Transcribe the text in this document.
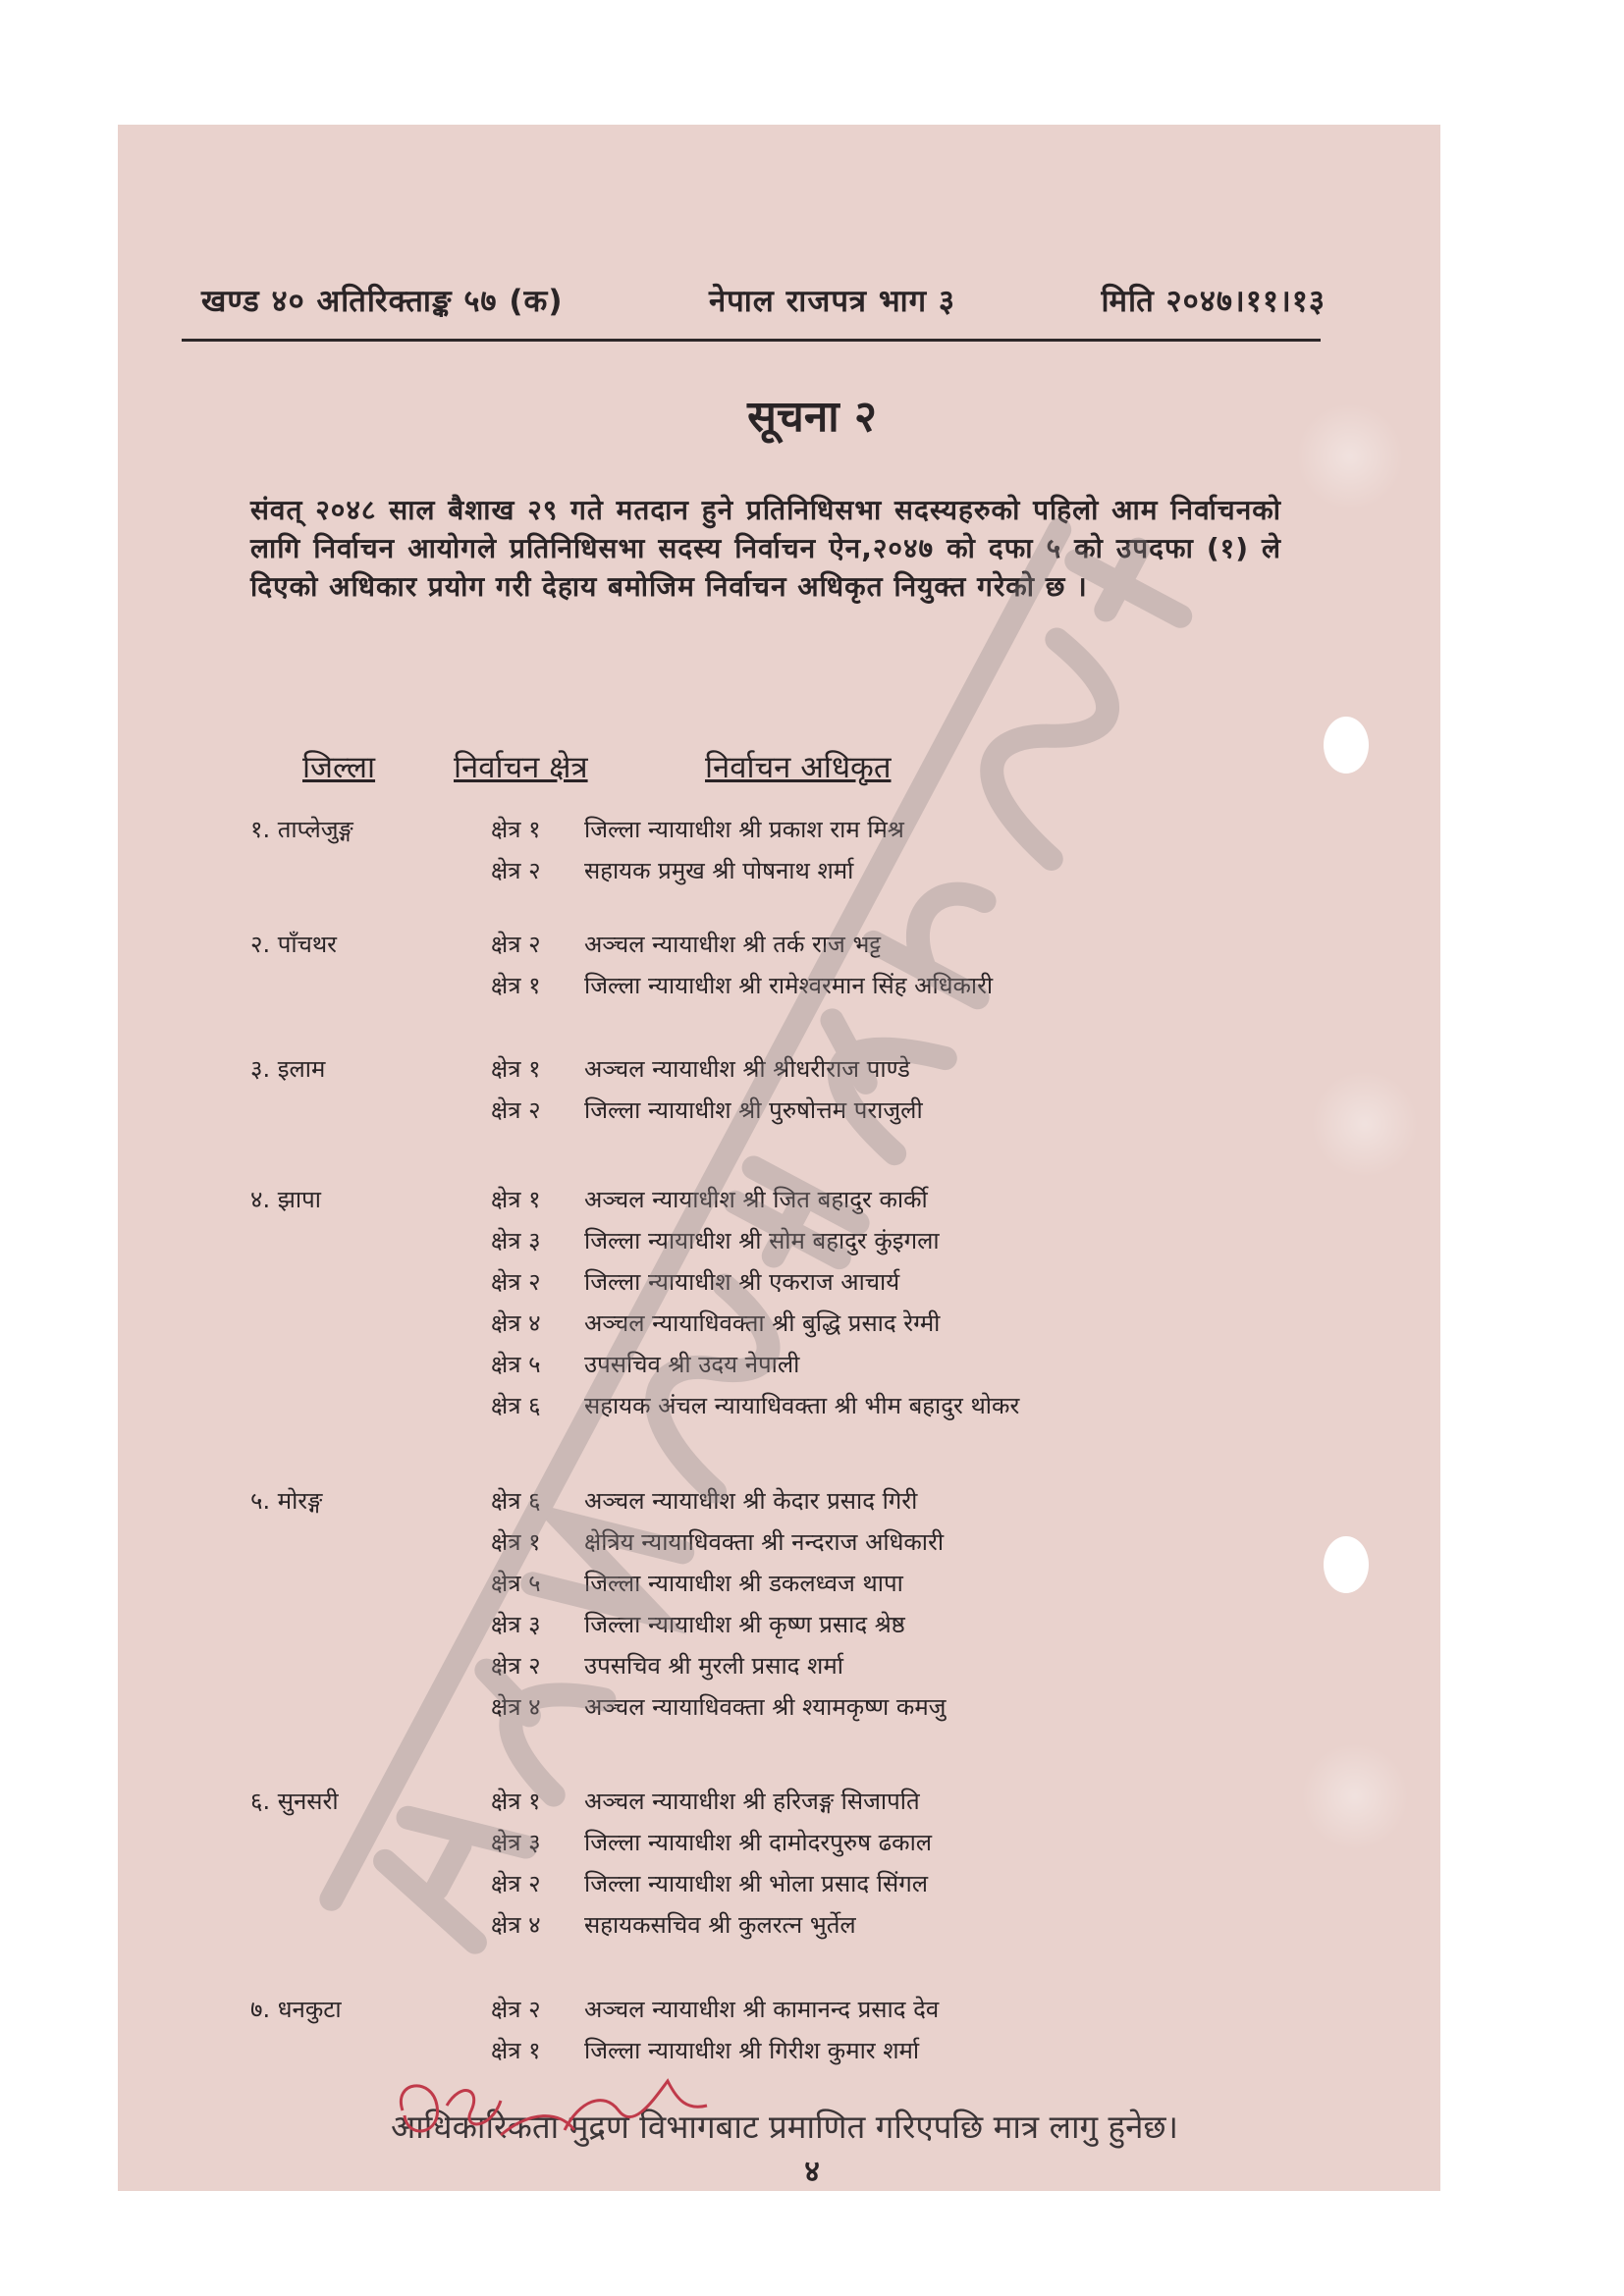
खण्ड ४० अतिरिक्ताङ्क ५७ (क)	नेपाल राजपत्र भाग ३	मिति २०४७।११।१३
सूचना २
संवत् २०४८ साल बैशाख २९ गते मतदान हुने प्रतिनिधिसभा सदस्यहरुको पहिलो आम निर्वाचनको लागि निर्वाचन आयोगले प्रतिनिधिसभा सदस्य निर्वाचन ऐन,२०४७ को दफा ५ को उपदफा (१) ले दिएको अधिकार प्रयोग गरी देहाय बमोजिम निर्वाचन अधिकृत नियुक्त गरेको छ ।
जिल्ला	निर्वाचन क्षेत्र	निर्वाचन अधिकृत
१. ताप्लेजुङ्ग	क्षेत्र १ जिल्ला न्यायाधीश श्री प्रकाश राम मिश्र
क्षेत्र २ सहायक प्रमुख श्री पोषनाथ शर्मा
२. पाँचथर	क्षेत्र २ अञ्चल न्यायाधीश श्री तर्क राज भट्ट
क्षेत्र १ जिल्ला न्यायाधीश श्री रामेश्वरमान सिंह अधिकारी
३. इलाम	क्षेत्र १ अञ्चल न्यायाधीश श्री श्रीधरीराज पाण्डे
क्षेत्र २ जिल्ला न्यायाधीश श्री पुरुषोत्तम पराजुली
४. झापा	क्षेत्र १ अञ्चल न्यायाधीश श्री जित बहादुर कार्की
क्षेत्र ३ जिल्ला न्यायाधीश श्री सोम बहादुर कुंइगला
क्षेत्र २ जिल्ला न्यायाधीश श्री एकराज आचार्य
क्षेत्र ४ अञ्चल न्यायाधिवक्ता श्री बुद्धि प्रसाद रेग्मी
क्षेत्र ५ उपसचिव श्री उदय नेपाली
क्षेत्र ६ सहायक अंचल न्यायाधिवक्ता श्री भीम बहादुर थोकर
५. मोरङ्ग	क्षेत्र ६ अञ्चल न्यायाधीश श्री केदार प्रसाद गिरी
क्षेत्र १ क्षेत्रिय न्यायाधिवक्ता श्री नन्दराज अधिकारी
क्षेत्र ५ जिल्ला न्यायाधीश श्री डकलध्वज थापा
क्षेत्र ३ जिल्ला न्यायाधीश श्री कृष्ण प्रसाद श्रेष्ठ
क्षेत्र २ उपसचिव श्री मुरली प्रसाद शर्मा
क्षेत्र ४ अञ्चल न्यायाधिवक्ता श्री श्यामकृष्ण कमजु
६. सुनसरी	क्षेत्र १ अञ्चल न्यायाधीश श्री हरिजङ्ग सिजापति
क्षेत्र ३ जिल्ला न्यायाधीश श्री दामोदरपुरुष ढकाल
क्षेत्र २ जिल्ला न्यायाधीश श्री भोला प्रसाद सिंगल
क्षेत्र ४ सहायकसचिव श्री कुलरत्न भुर्तेल
७. धनकुटा	क्षेत्र २ अञ्चल न्यायाधीश श्री कामानन्द प्रसाद देव
क्षेत्र १ जिल्ला न्यायाधीश श्री गिरीश कुमार शर्मा
आधिकारिकता मुद्रण विभागबाट प्रमाणित गरिएपछि मात्र लागु हुनेछ।
४
